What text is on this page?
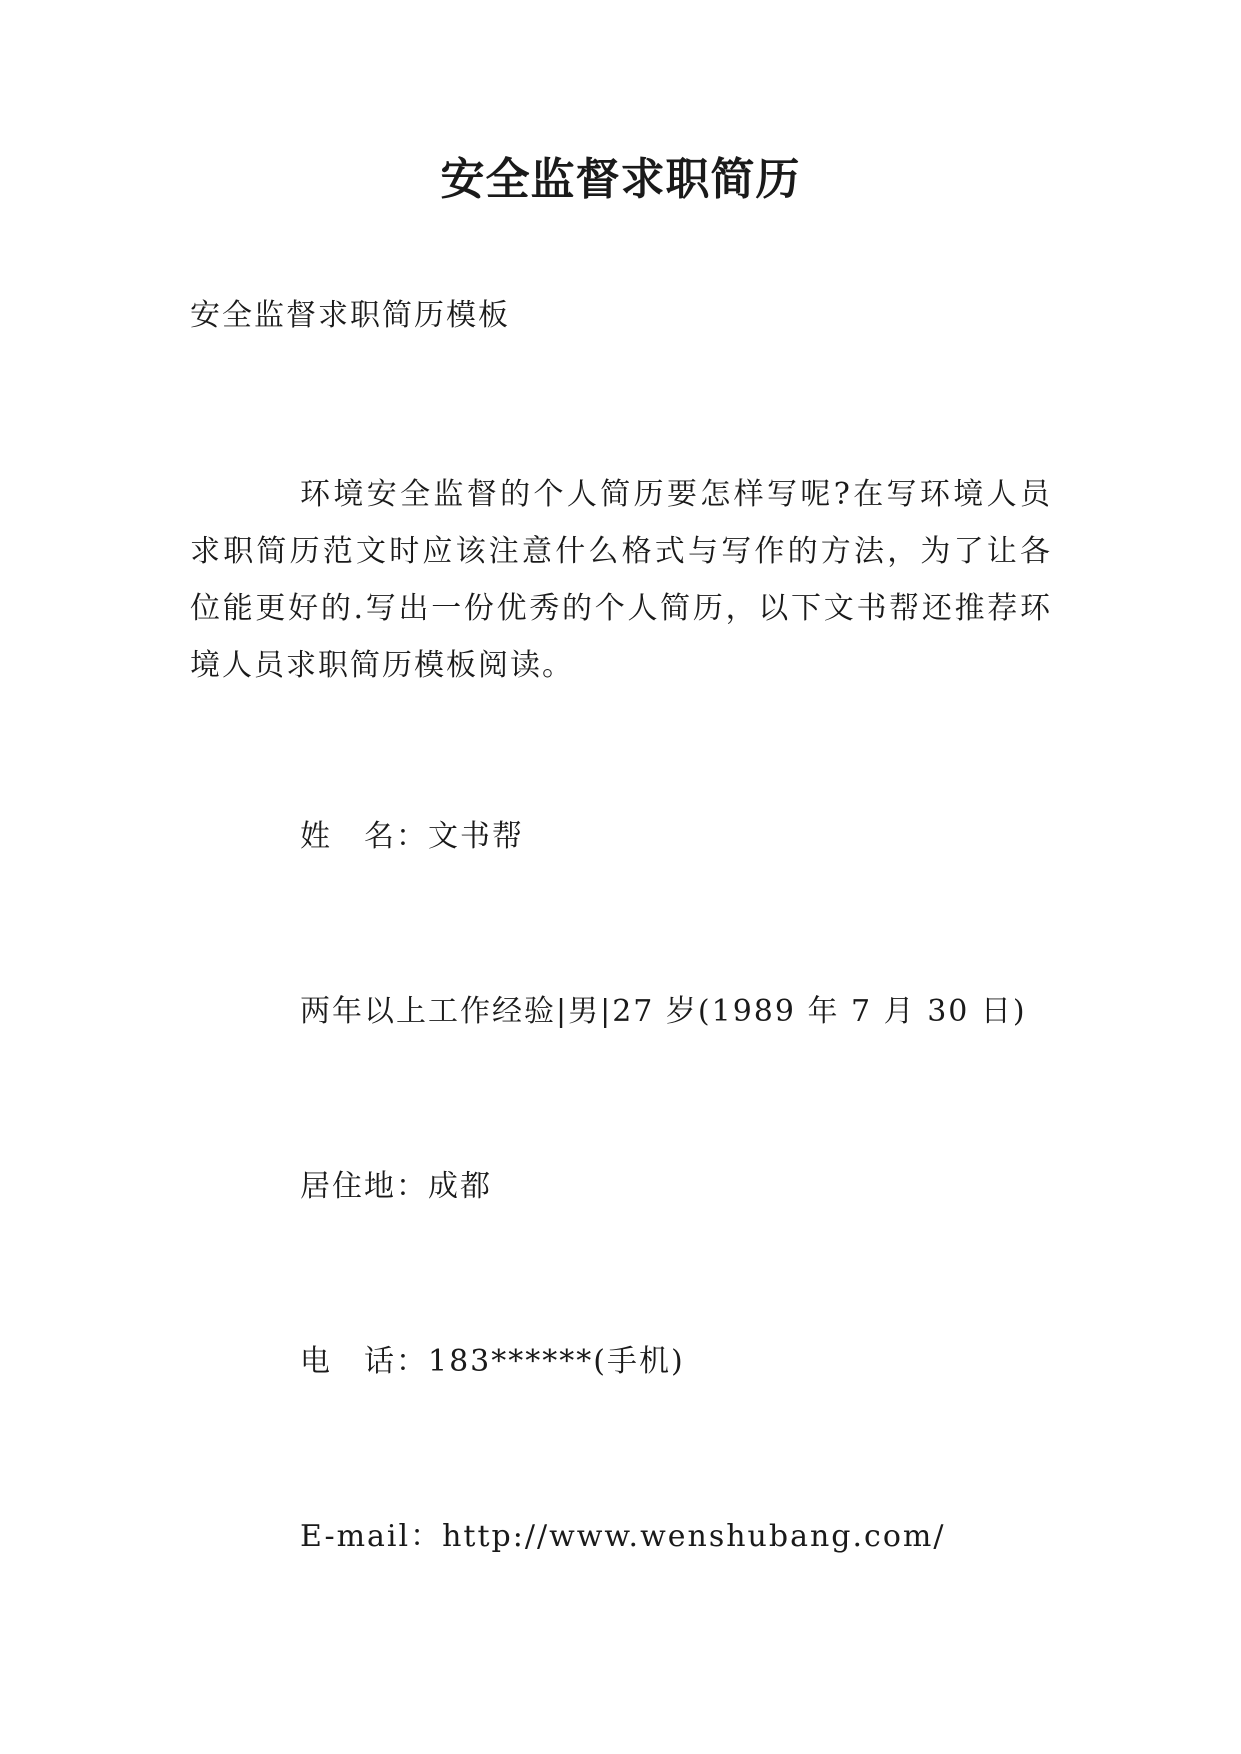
安全监督求职简历
安全监督求职简历模板

环境安全监督的个人简历要怎样写呢?在写环境人员求职简历范文时应该注意什么格式与写作的方法，为了让各位能更好的.写出一份优秀的个人简历，以下文书帮还推荐环境人员求职简历模板阅读。

姓　名：文书帮
两年以上工作经验|男|27 岁(1989 年 7 月 30 日)
居住地：成都
电　话：183******(手机)
E-mail：http://www.wenshubang.com/
